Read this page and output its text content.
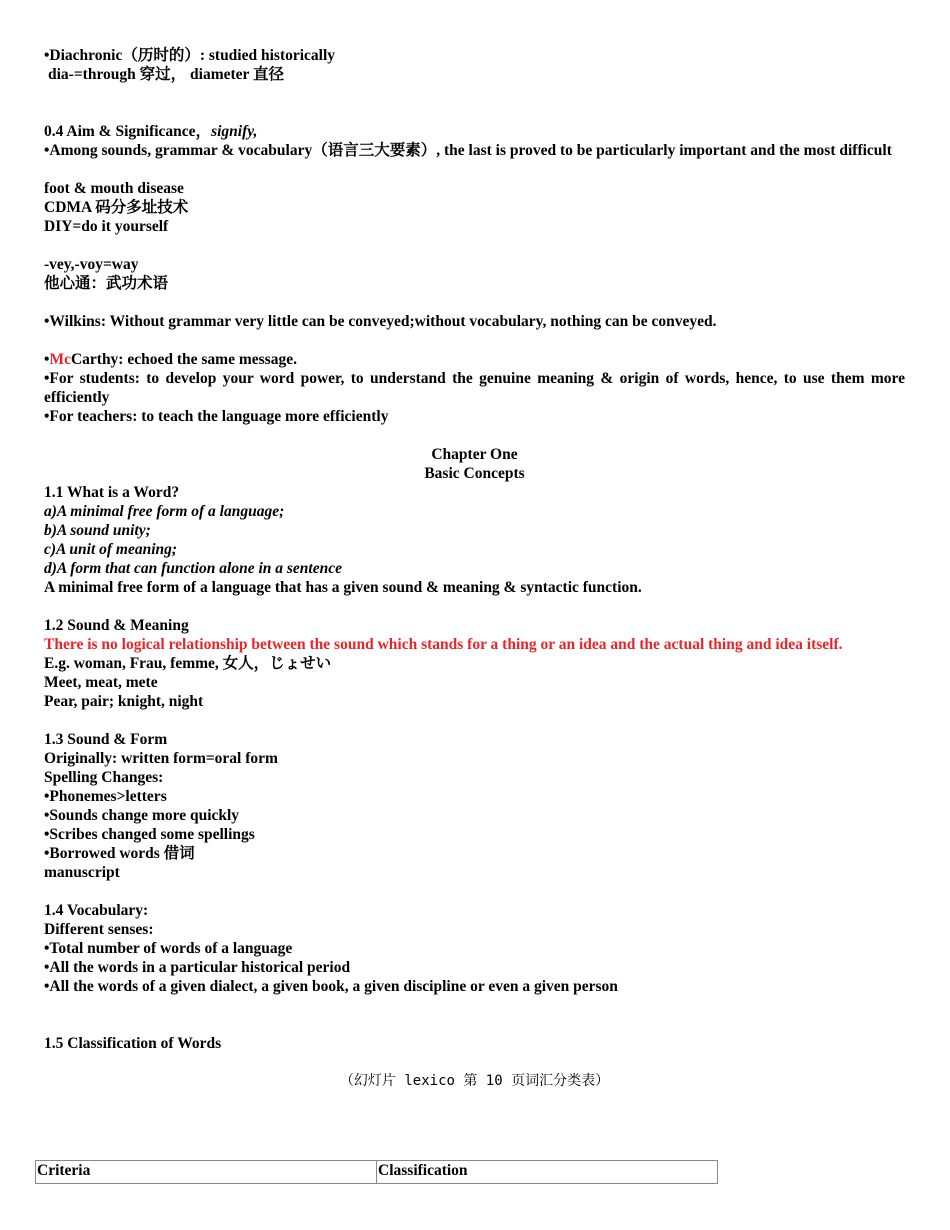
•Diachronic（历时的）: studied historically

dia-=through 穿过， diameter 直径

0.4 Aim & Significance，signify,

•Among sounds, grammar & vocabulary（语言三大要素）, the last is proved to be particularly important and the most difficult

foot & mouth disease

CDMA 码分多址技术

DIY=do it yourself

-vey,-voy=way

他心通：武功术语

•Wilkins: Without grammar very little can be conveyed;without vocabulary, nothing can be conveyed.

•McCarthy: echoed the same message.

•For students: to develop your word power, to understand the genuine meaning & origin of words, hence, to use them more efficiently

•For teachers: to teach the language more efficiently

Chapter One

Basic Concepts

1.1 What is a Word?

a)A minimal free form of a language;

b)A sound unity;

c)A unit of meaning;

d)A form that can function alone in a sentence

A minimal free form of a language that has a given sound & meaning & syntactic function.

1.2 Sound & Meaning

There is no logical relationship between the sound which stands for a thing or an idea and the actual thing and idea itself.

E.g. woman, Frau, femme, 女人，じょせい

Meet, meat, mete

Pear, pair; knight, night

1.3 Sound & Form

Originally: written form=oral form

Spelling Changes:

•Phonemes>letters

•Sounds change more quickly

•Scribes changed some spellings

•Borrowed words 借词

manuscript

1.4 Vocabulary:

Different senses:

•Total number of words of a language

•All the words in a particular historical period

•All the words of a given dialect, a given book, a given discipline or even a given person

1.5 Classification of Words

（幻灯片 lexico 第 10 页词汇分类表）

Criteria	Classification
